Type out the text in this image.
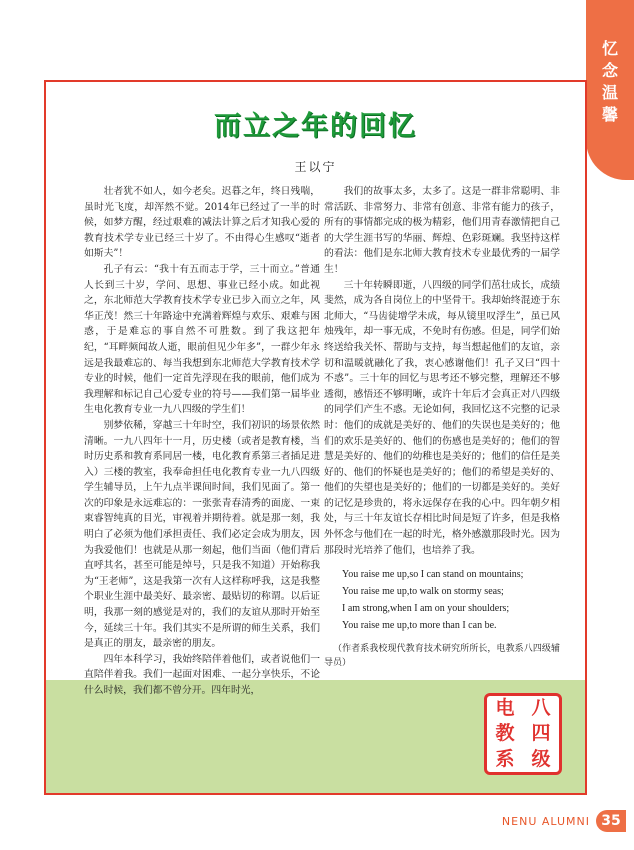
忆
念
温
馨
而立之年的回忆
王以宁

壮者犹不如人，如今老矣。迟暮之年，终日残喘，虽时光飞度，却浑然不觉。2014年已经过了一半的时候，如梦方醒，经过艰难的减法计算之后才知我心爱的教育技术学专业已经三十岁了。不由得心生感叹“逝者如斯夫”！

孔子有云：“我十有五而志于学，三十而立。”普通人长到三十岁，学问、思想、事业已经小成。如此视之，东北师范大学教育技术学专业已步入而立之年，风华正茂！然三十年路途中充满着辉煌与欢乐、艰难与困惑，于是难忘的事自然不可胜数。到了我这把年纪，“耳畔频闻故人逝，眼前但见少年多”，一群少年永远是我最难忘的、每当我想到东北师范大学教育技术学专业的时候，他们一定首先浮现在我的眼前，他们成为我理解和标记自己心爱专业的符号——我们第一届毕业生电化教育专业一九八四级的学生们！

别梦依稀，穿越三十年时空，我们初识的场景依然清晰。一九八四年十一月，历史楼（或者是教育楼，当时历史系和教育系同居一楼，电化教育系第三者插足进入）三楼的教室，我奉命担任电化教育专业一九八四级学生辅导员，上午九点半课间时间，我们见面了。第一次的印象是永远难忘的：一张张青春清秀的面庞、一束束睿智纯真的目光，审视着并期待着。就是那一刻，我明白了必须为他们承担责任、我们必定会成为朋友，因为我爱他们！也就是从那一刻起，他们当面（他们背后直呼其名，甚至可能是绰号，只是我不知道）开始称我为“王老师”，这是我第一次有人这样称呼我，这是我整个职业生涯中最美好、最亲密、最贴切的称谓。以后证明，我那一刻的感觉是对的，我们的友谊从那时开始至今，延续三十年。我们其实不是所谓的师生关系，我们是真正的朋友，最亲密的朋友。

四年本科学习，我始终陪伴着他们，或者说他们一直陪伴着我。我们一起面对困难、一起分享快乐，不论什么时候，我们都不曾分开。四年时光，

我们的故事太多，太多了。这是一群非常聪明、非常活跃、非常努力、非常有创意、非常有能力的孩子，所有的事情都完成的极为精彩，他们用青春激情把自己的大学生涯书写的华丽、辉煌、色彩斑斓。我坚持这样的看法：他们是东北师大教育技术专业最优秀的一届学生！

三十年转瞬即逝，八四级的同学们茁壮成长，成绩斐然，成为各自岗位上的中坚骨干。我却始终混迹于东北师大，“马齿徒增学未成，每从镜里叹浮生”，虽已风烛残年，却一事无成，不免时有伤感。但是，同学们始终送给我关怀、帮助与支持，每当想起他们的友谊，亲切和温暖就融化了我，衷心感谢他们！孔子又曰“四十不惑”。三十年的回忆与思考还不够完整，理解还不够透彻，感悟还不够明晰，或许十年后才会真正对八四级的同学们产生不惑。无论如何，我回忆这不完整的记录时：他们的成就是美好的、他们的失误也是美好的；他们的欢乐是美好的、他们的伤感也是美好的；他们的智慧是美好的、他们的幼稚也是美好的；他们的信任是美好的、他们的怀疑也是美好的；他们的希望是美好的、他们的失望也是美好的；他们的一切都是美好的。美好的记忆是珍贵的，将永远保存在我的心中。四年朝夕相处，与三十年友谊长存相比时间是短了许多，但是我格外怀念与他们在一起的时光，格外感激那段时光。因为那段时光培养了他们，也培养了我。

You raise me up,so I can stand on mountains;
You raise me up,to walk on stormy seas;
I am strong,when I am on your shoulders;
You raise me up,to more than I can be.
（作者系我校现代教育技术研究所所长，电教系八四级辅导员）
电 八
教 四
系 级
NENU ALUMNI 35
